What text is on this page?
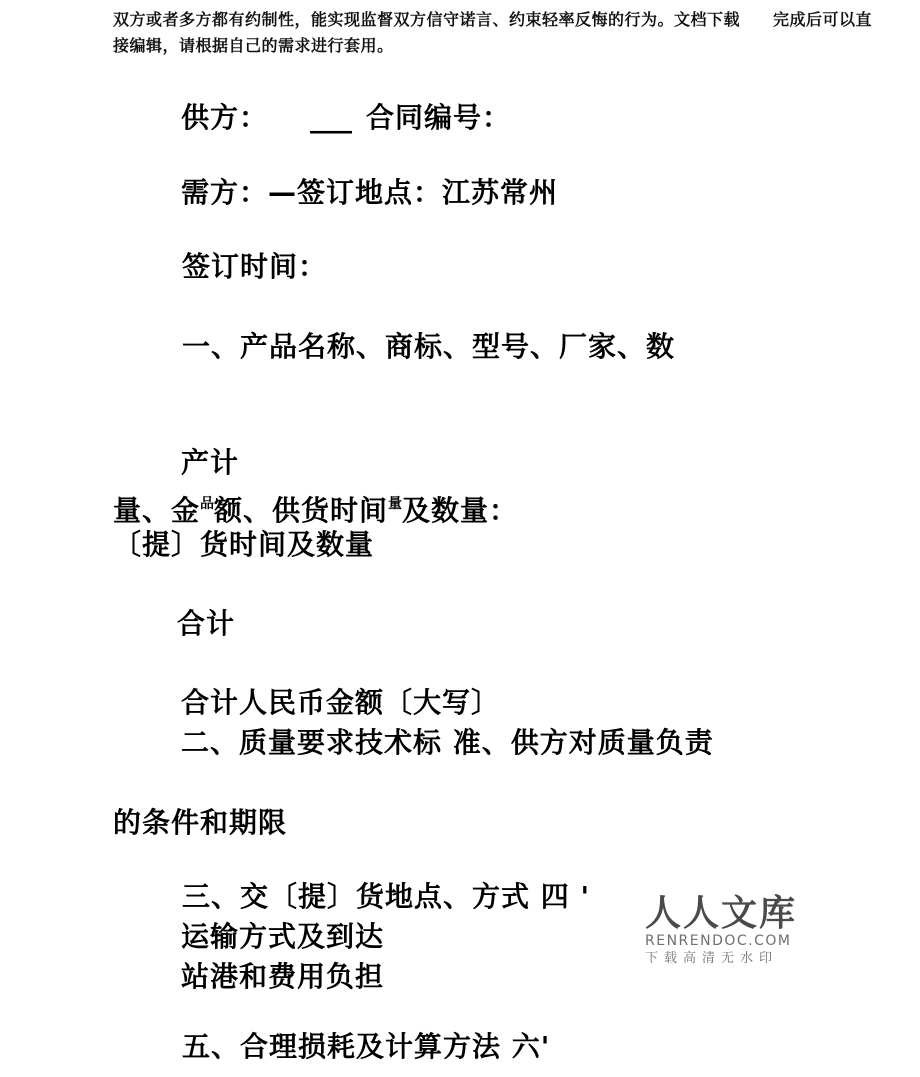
双方或者多方都有约制性，能实现监督双方信守诺言、约束轻率反悔的行为。文档下载　　完成后可以直
接编辑，请根据自己的需求进行套用。
供方： ___ 合同编号：
需方：—签订地点：江苏常州
签订时间：
一、产品名称、商标、型号、厂家、数
产计
量、金$^品$额、供货时间$^量$及数量：
〔提〕货时间及数量
合计
合计人民币金额〔大写〕
二、质量要求技术标 准、供方对质量负责
的条件和期限
三、交〔提〕货地点、方式 四 '
运输方式及到达
站港和费用负担
人人文库
RENRENDOC.COM
下载高清无水印
五、合理损耗及计算方法 六'
